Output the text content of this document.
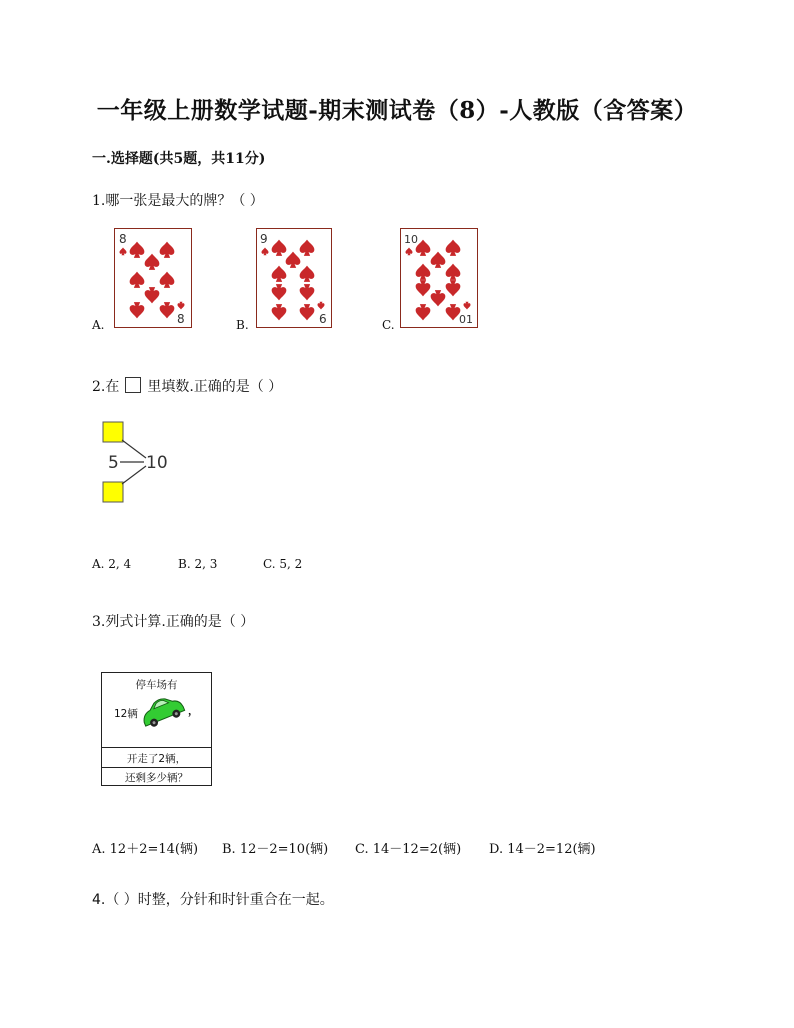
一年级上册数学试题-期末测试卷（8）-人教版（含答案）
一.选择题(共5题，共11分)
1.哪一张是最大的牌？（ ）
A.
8
8	B.
9
6	C.
10
01
2.在 里填数.正确的是（ ）
5 10
A. 2, 4	B. 2, 3	C. 5, 2
3.列式计算.正确的是（ ）
停车场有
12辆	，
开走了2辆，
还剩多少辆？
A. 12＋2=14(辆) B. 12－2=10(辆) C. 14－12=2(辆) D. 14－2=12(辆)
4.（ ）时整，分针和时针重合在一起。
